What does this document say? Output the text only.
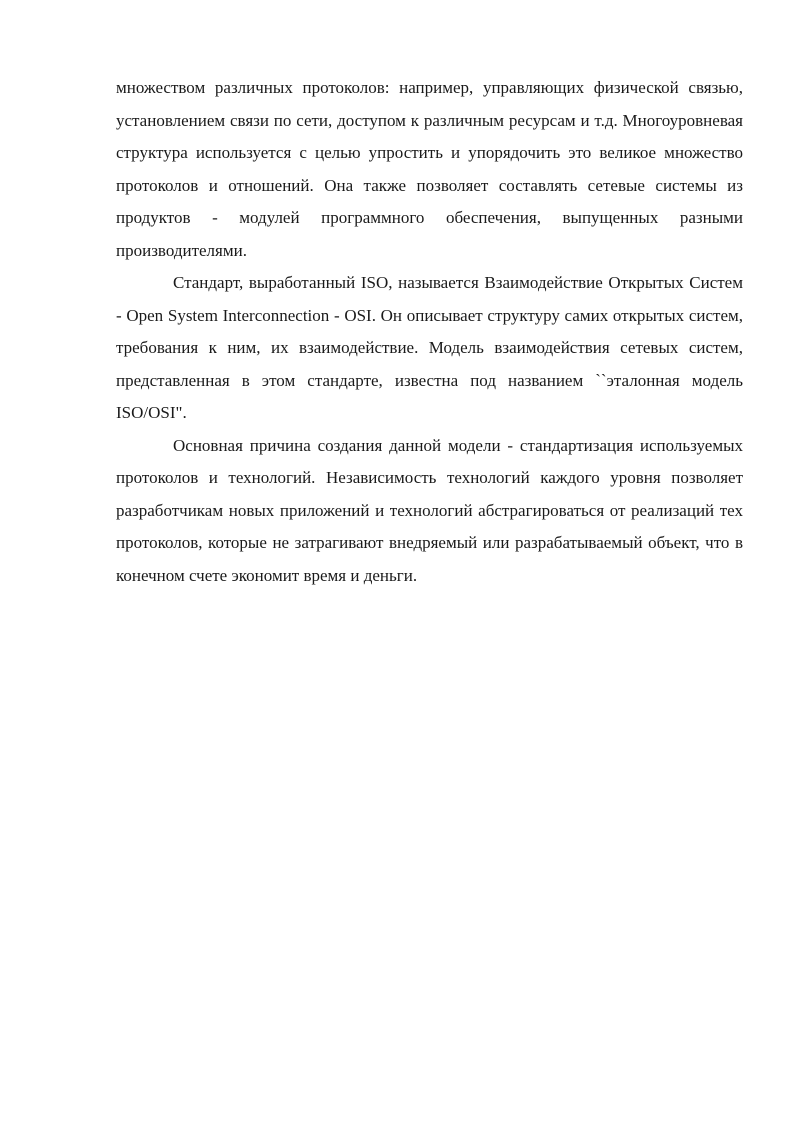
множеством различных протоколов: например, управляющих физической связью, установлением связи по сети, доступом к различным ресурсам и т.д. Многоуровневая структура используется с целью упростить и упорядочить это великое множество протоколов и отношений. Она также позволяет составлять сетевые системы из продуктов - модулей программного обеспечения, выпущенных разными производителями.

Стандарт, выработанный ISO, называется Взаимодействие Открытых Систем - Open System Interconnection - OSI. Он описывает структуру самих открытых систем, требования к ним, их взаимодействие. Модель взаимодействия сетевых систем, представленная в этом стандарте, известна под названием ``эталонная модель ISO/OSI".

Основная причина создания данной модели - стандартизация используемых протоколов и технологий. Независимость технологий каждого уровня позволяет разработчикам новых приложений и технологий абстрагироваться от реализаций тех протоколов, которые не затрагивают внедряемый или разрабатываемый объект, что в конечном счете экономит время и деньги.
